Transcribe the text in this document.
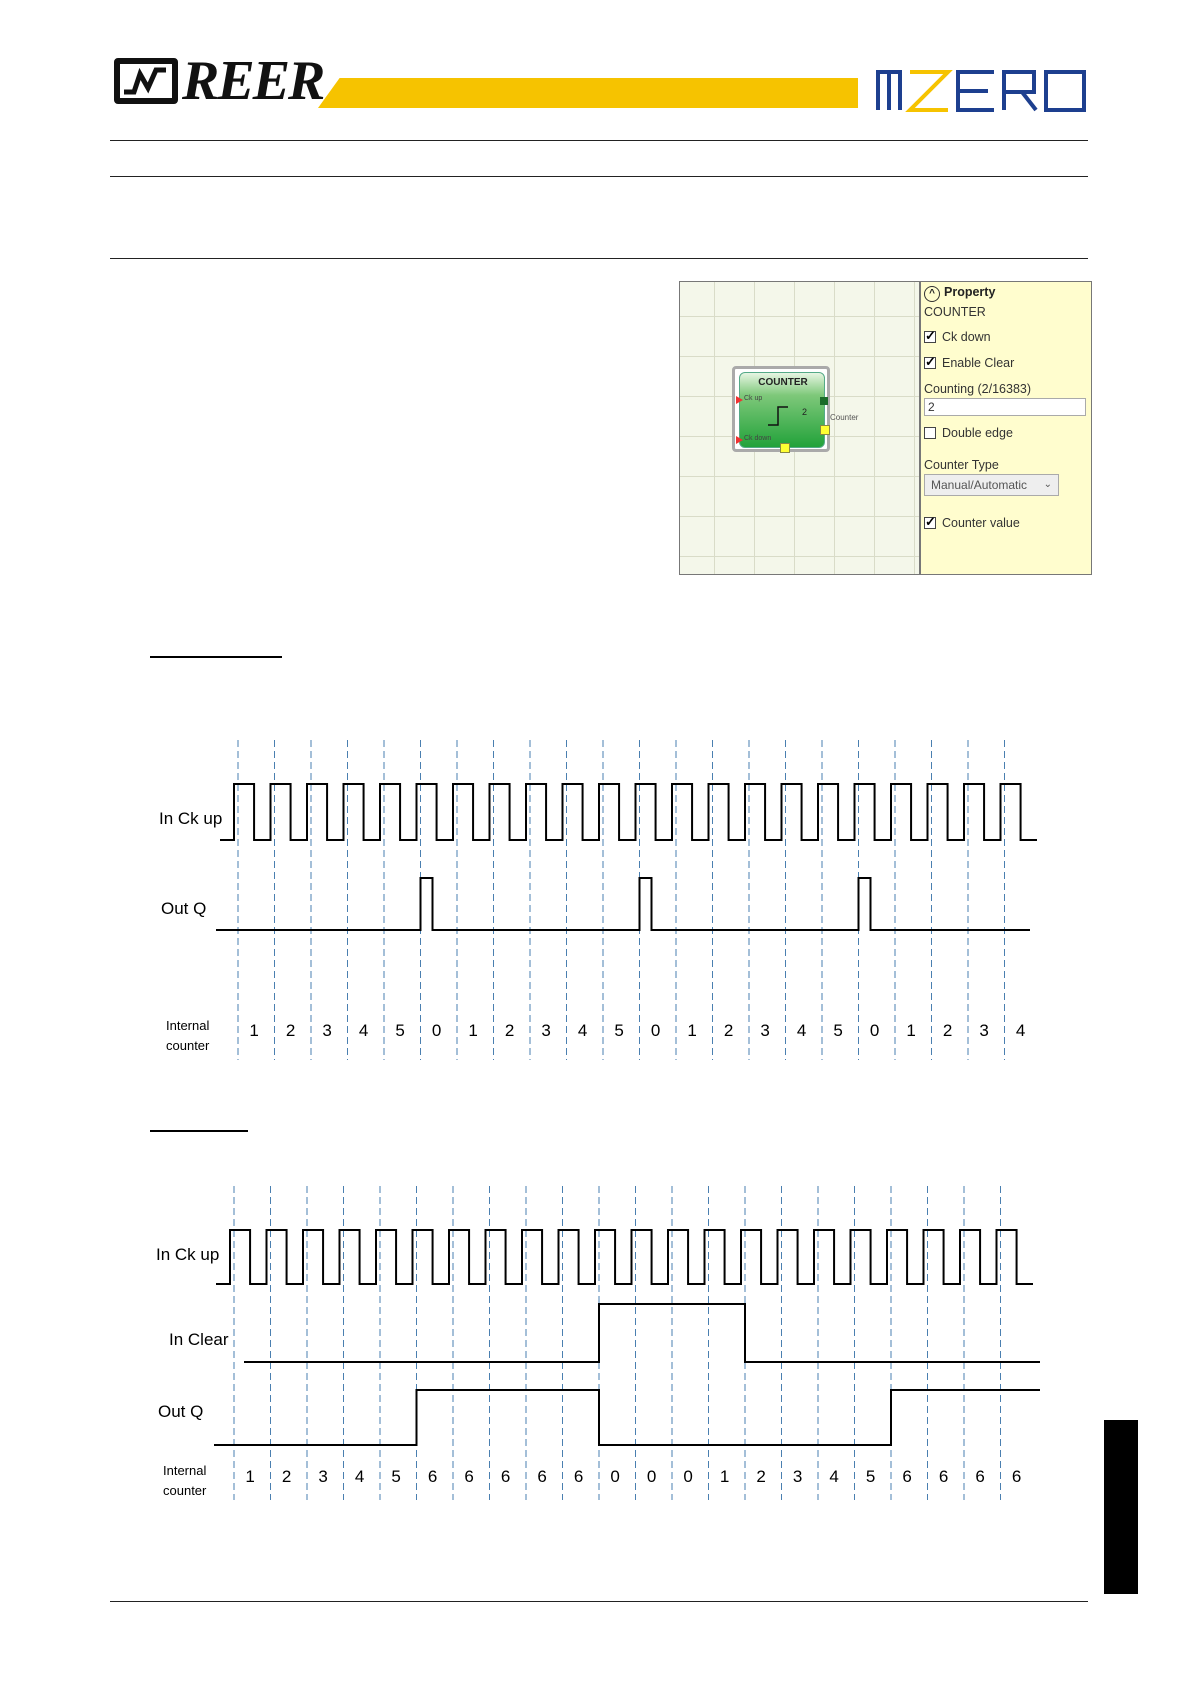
REER
COUNTER
Ck up
Ck down
2
Counter
^ Property
COUNTER
✓Ck down
✓Enable Clear
Counting (2/16383)
2
Double edge
Counter Type
Manual/Automatic ⌄
✓Counter value
In Ck up
Out Q
Internal
counter
1 2 3 4 5 0 1 2 3 4 5 0 1 2 3 4 5 0 1 2 3 4
In Ck up
In Clear
Out Q
Internal
counter
1 2 3 4 5 6 6 6 6 6 0 0 0 1 2 3 4 5 6 6 6 6
